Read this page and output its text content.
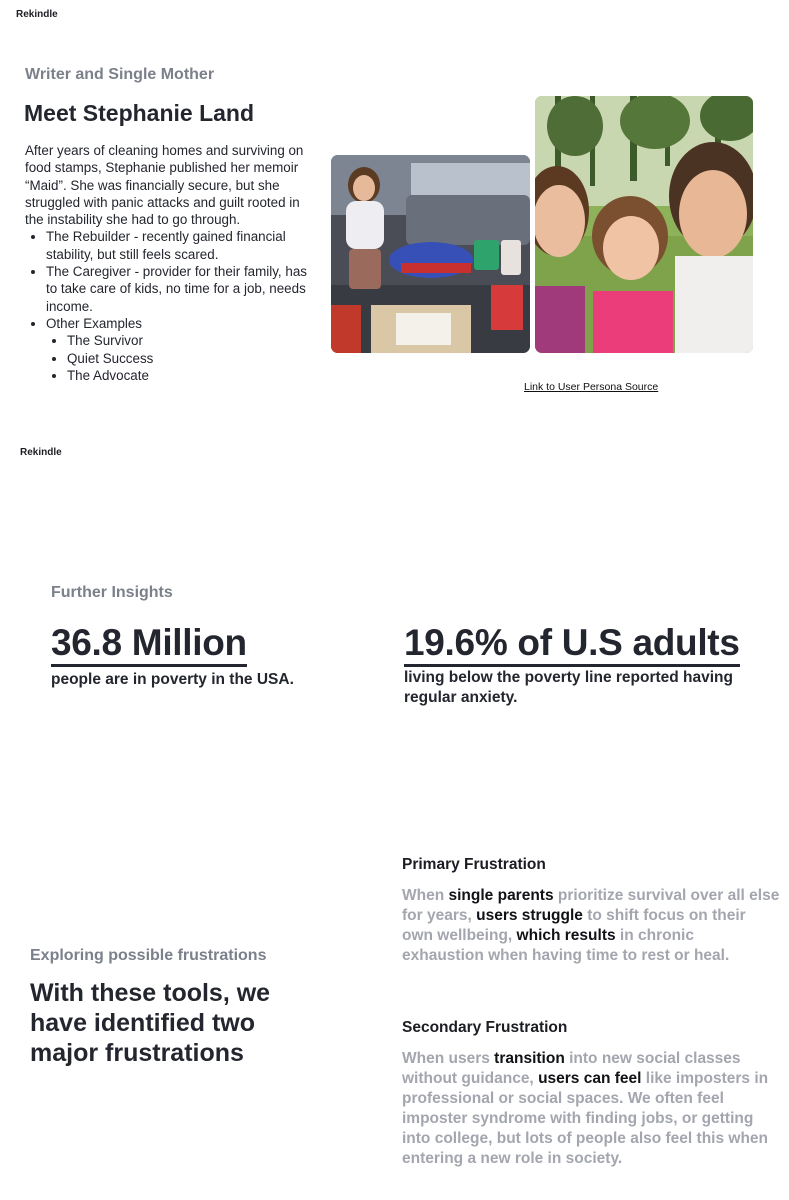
Rekindle
Writer and Single Mother
Meet Stephanie Land
After years of cleaning homes and surviving on food stamps, Stephanie published her memoir “Maid”. She was financially secure, but she struggled with panic attacks and guilt rooted in the instability she had to go through.
• The Rebuilder - recently gained financial stability, but still feels scared.
• The Caregiver - provider for their family, has to take care of kids, no time for a job, needs income.
• Other Examples
• The Survivor
• Quiet Success
• The Advocate
Link to User Persona Source
Rekindle
Further Insights
36.8 Million
people are in poverty in the USA.
19.6% of U.S adults
living below the poverty line reported having regular anxiety.
Exploring possible frustrations
With these tools, we have identified two major frustrations
Primary Frustration
When single parents prioritize survival over all else for years, users struggle to shift focus on their own wellbeing, which results in chronic exhaustion when having time to rest or heal.
Secondary Frustration
When users transition into new social classes without guidance, users can feel like imposters in professional or social spaces. We often feel imposter syndrome with finding jobs, or getting into college, but lots of people also feel this when entering a new role in society.
